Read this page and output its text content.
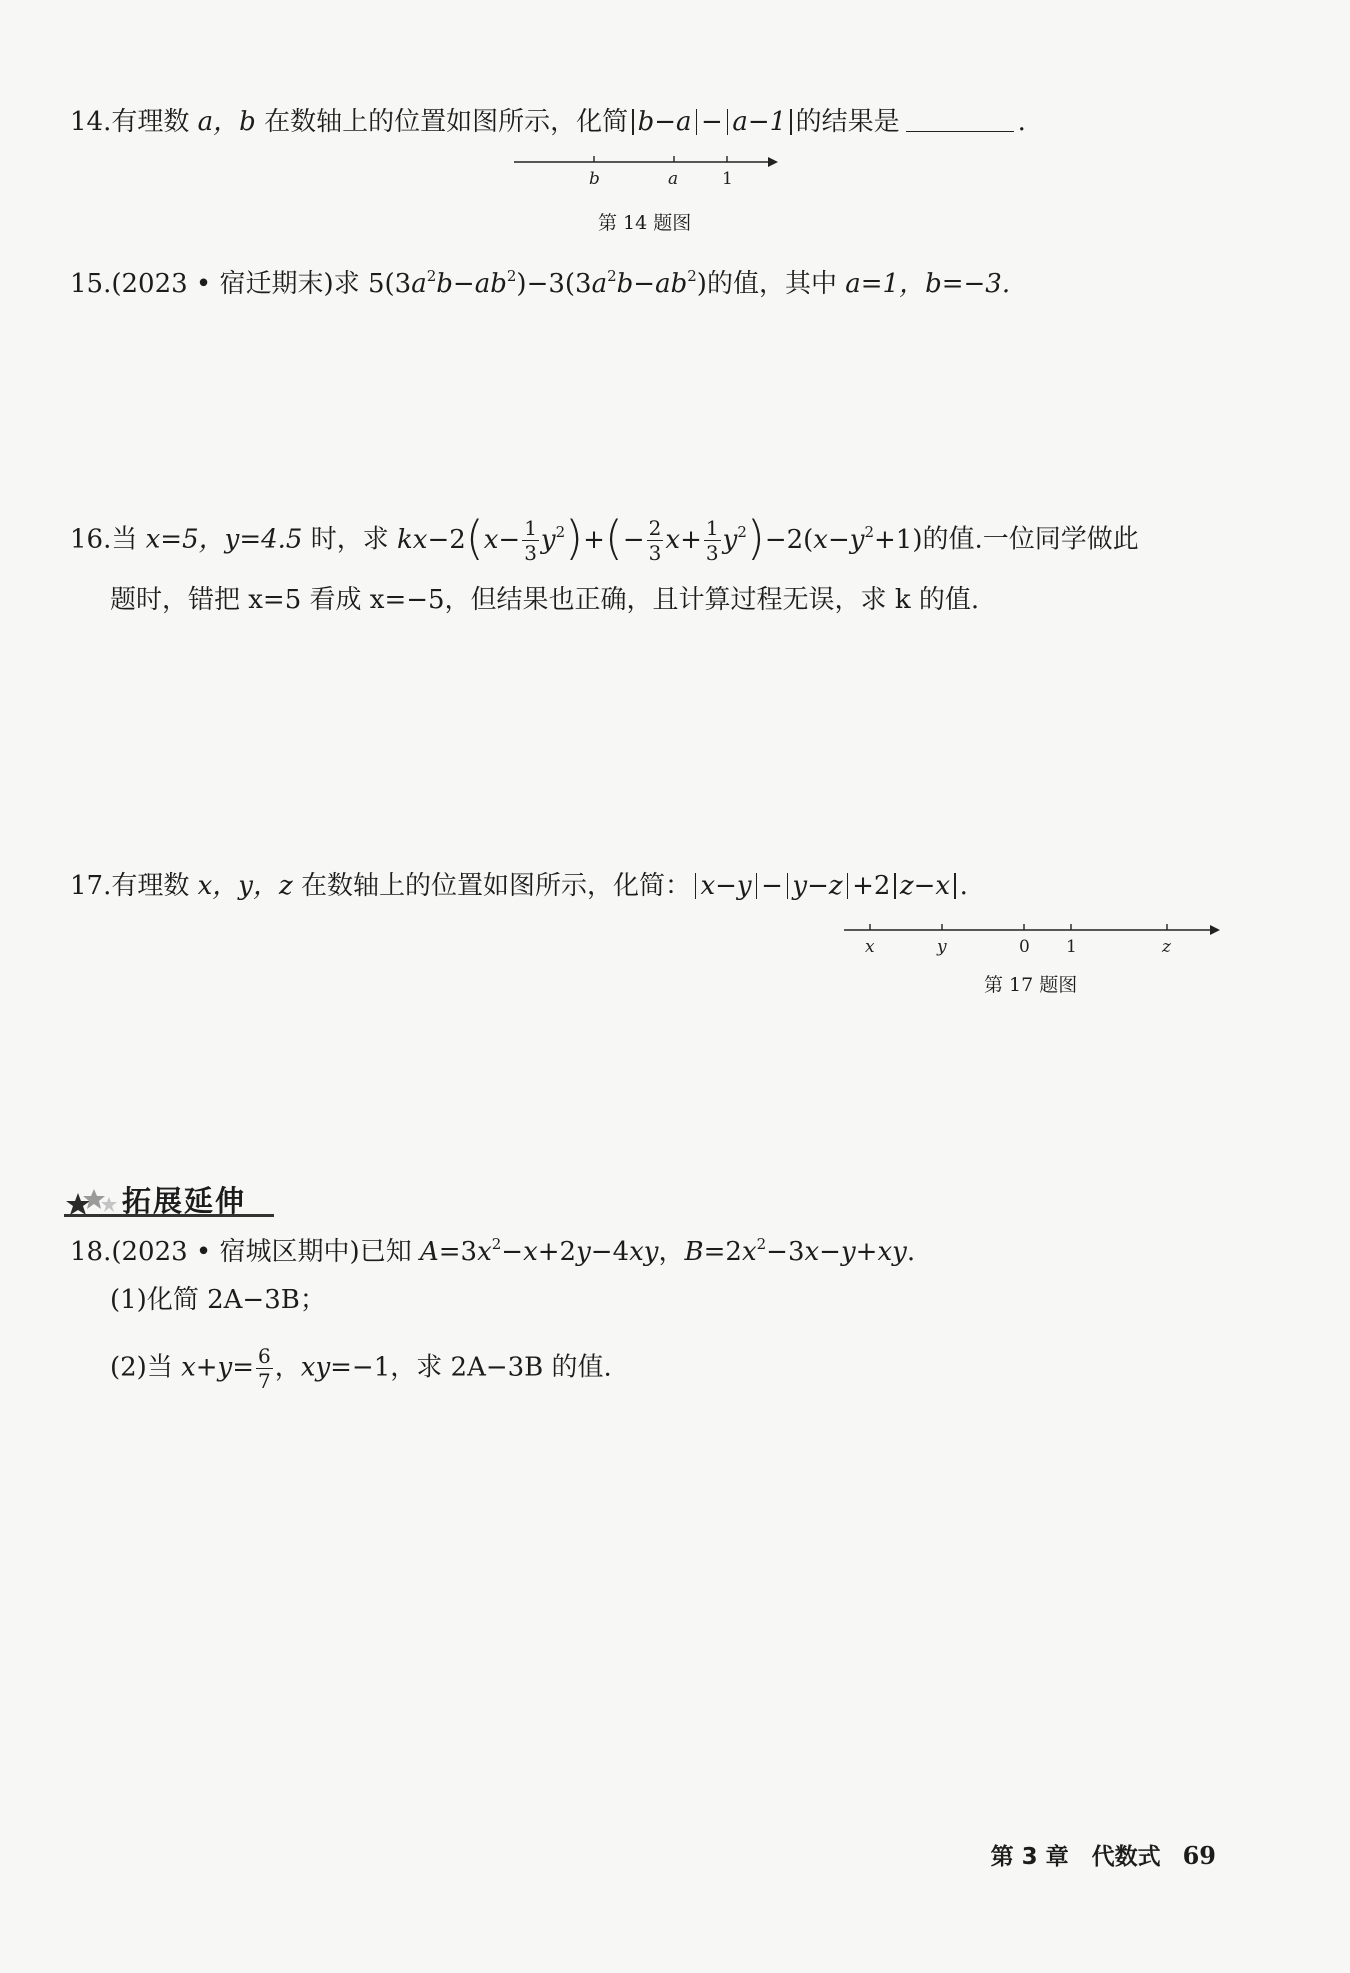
14.有理数 a，b 在数轴上的位置如图所示，化简 b−a − a−1 的结果是	.
b	a	1
第 14 题图
15.(2023 • 宿迁期末)求 $5(3a^2b-ab^2)-3(3a^2b-ab^2)$的值，其中 a=1，b=−3.
16.当 x=5，y=4.5 时，求 $kx-2(x- \frac{1}{3} y^2)+(- \frac{2}{3} x+ \frac{1}{3} y^2)-2(x-y^2+1)$的值.一位同学做此
题时，错把 x=5 看成 x=−5，但结果也正确，且计算过程无误，求 k 的值.
17.有理数 x，y，z 在数轴上的位置如图所示，化简： x−y − y−z +2 z−x .
x	y	0 1	z
第 17 题图
拓展延伸
18.(2023 • 宿城区期中)已知 $A=3x^2-x+2y-4xy$，$B=2x^2-3x-y+xy$.
(1)化简 2A−3B；
(2)当 $x+y= \frac{6}{7}$ ，xy=−1，求 2A−3B 的值.
第 3 章　代数式 69
